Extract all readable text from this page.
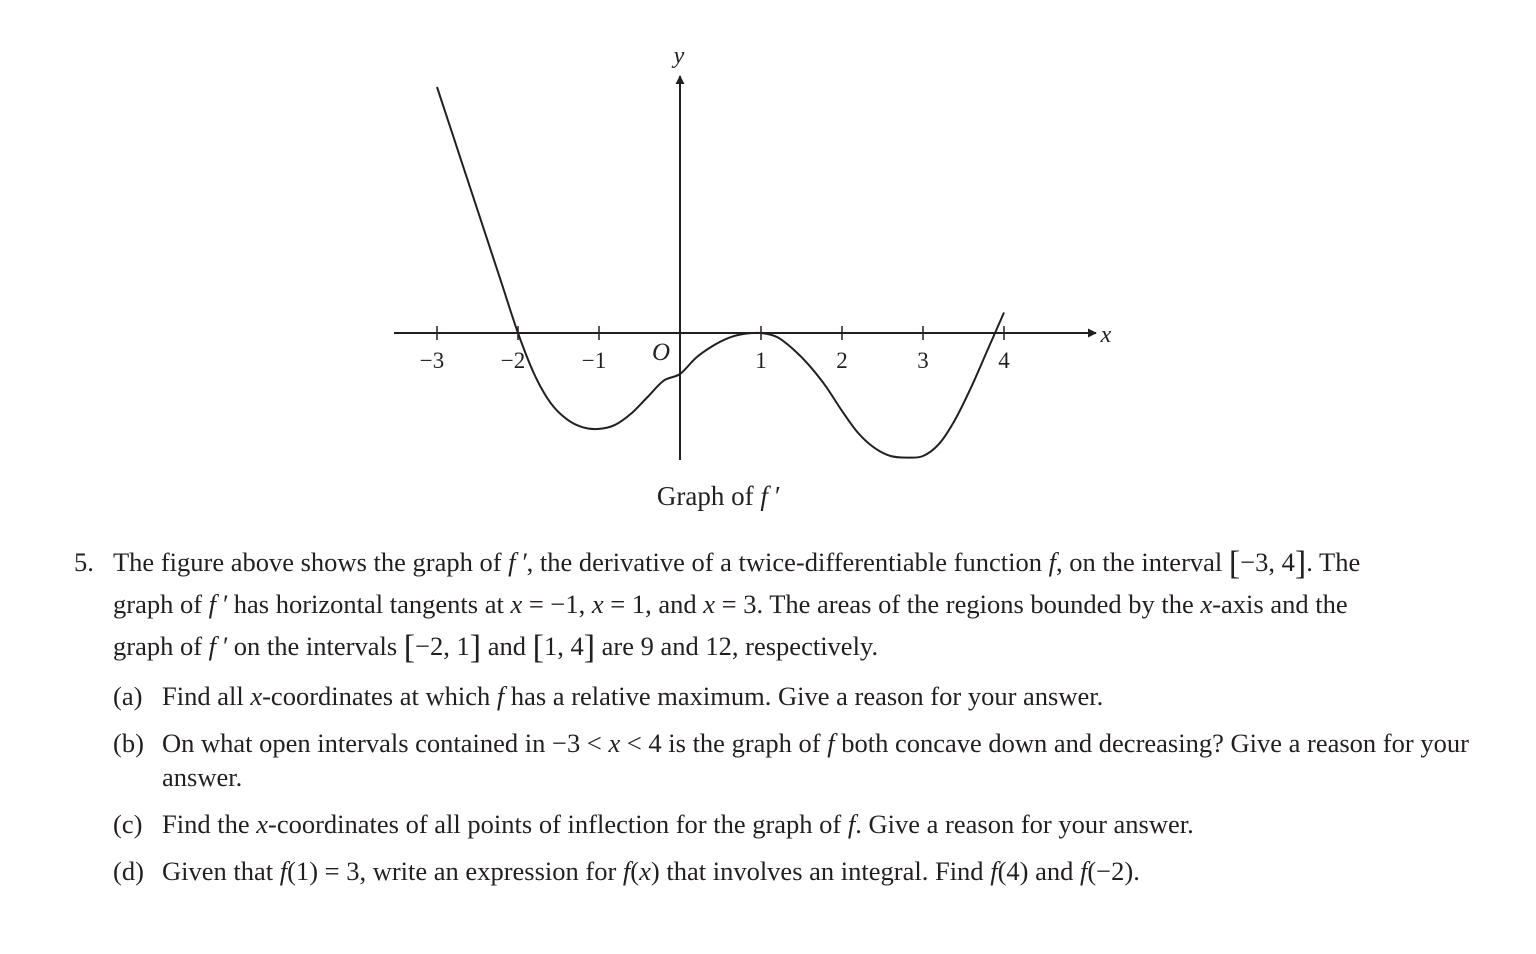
−3 −2 −1	1	2	3	4
y
x
O
Graph of f ′
5. The figure above shows the graph of f ′, the derivative of a twice-differentiable function f, on the interval [−3, 4]. The graph of f ′ has horizontal tangents at x = −1, x = 1, and x = 3. The areas of the regions bounded by the x-axis and the graph of f ′ on the intervals [−2, 1] and [1, 4] are 9 and 12, respectively.
(a) Find all x-coordinates at which f has a relative maximum. Give a reason for your answer.
(b) On what open intervals contained in −3 < x < 4 is the graph of f both concave down and decreasing? Give a reason for your answer.
(c) Find the x-coordinates of all points of inflection for the graph of f. Give a reason for your answer.
(d) Given that f(1) = 3, write an expression for f(x) that involves an integral. Find f(4) and f(−2).
